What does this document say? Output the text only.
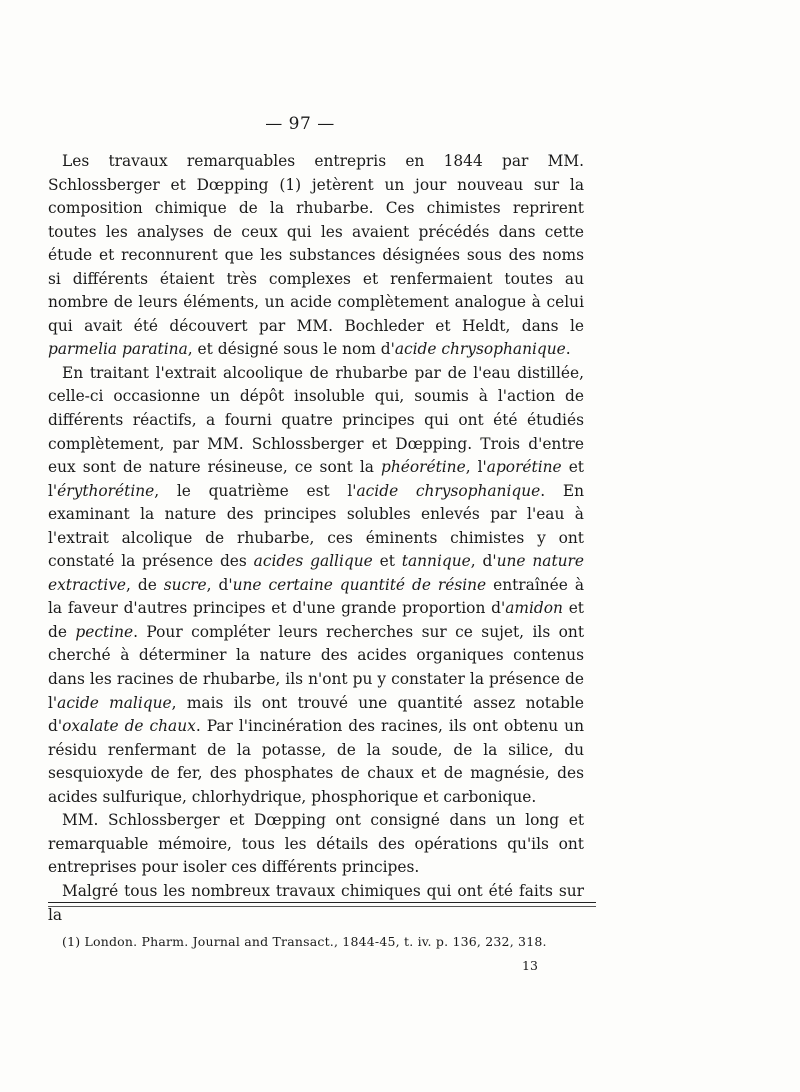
— 97 —

Les travaux remarquables entrepris en 1844 par MM. Schlossberger et Dœpping (1) jetèrent un jour nouveau sur la composition chimique de la rhubarbe. Ces chimistes reprirent toutes les analyses de ceux qui les avaient précédés dans cette étude et reconnurent que les substances désignées sous des noms si différents étaient très complexes et renfermaient toutes au nombre de leurs éléments, un acide complètement analogue à celui qui avait été découvert par MM. Bochleder et Heldt, dans le parmelia paratina, et désigné sous le nom d'acide chrysophanique.

En traitant l'extrait alcoolique de rhubarbe par de l'eau distillée, celle-ci occasionne un dépôt insoluble qui, soumis à l'action de différents réactifs, a fourni quatre principes qui ont été étudiés complètement, par MM. Schlossberger et Dœpping. Trois d'entre eux sont de nature résineuse, ce sont la phéorétine, l'aporétine et l'érythorétine, le quatrième est l'acide chrysophanique. En examinant la nature des principes solubles enlevés par l'eau à l'extrait alcolique de rhubarbe, ces éminents chimistes y ont constaté la présence des acides gallique et tannique, d'une nature extractive, de sucre, d'une certaine quantité de résine entraînée à la faveur d'autres principes et d'une grande proportion d'amidon et de pectine. Pour compléter leurs recherches sur ce sujet, ils ont cherché à déterminer la nature des acides organiques contenus dans les racines de rhubarbe, ils n'ont pu y constater la présence de l'acide malique, mais ils ont trouvé une quantité assez notable d'oxalate de chaux. Par l'incinération des racines, ils ont obtenu un résidu renfermant de la potasse, de la soude, de la silice, du sesquioxyde de fer, des phosphates de chaux et de magnésie, des acides sulfurique, chlorhydrique, phosphorique et carbonique.

MM. Schlossberger et Dœpping ont consigné dans un long et remarquable mémoire, tous les détails des opérations qu'ils ont entreprises pour isoler ces différents principes.

Malgré tous les nombreux travaux chimiques qui ont été faits sur la

(1) London. Pharm. Journal and Transact., 1844-45, t. iv. p. 136, 232, 318.
13
